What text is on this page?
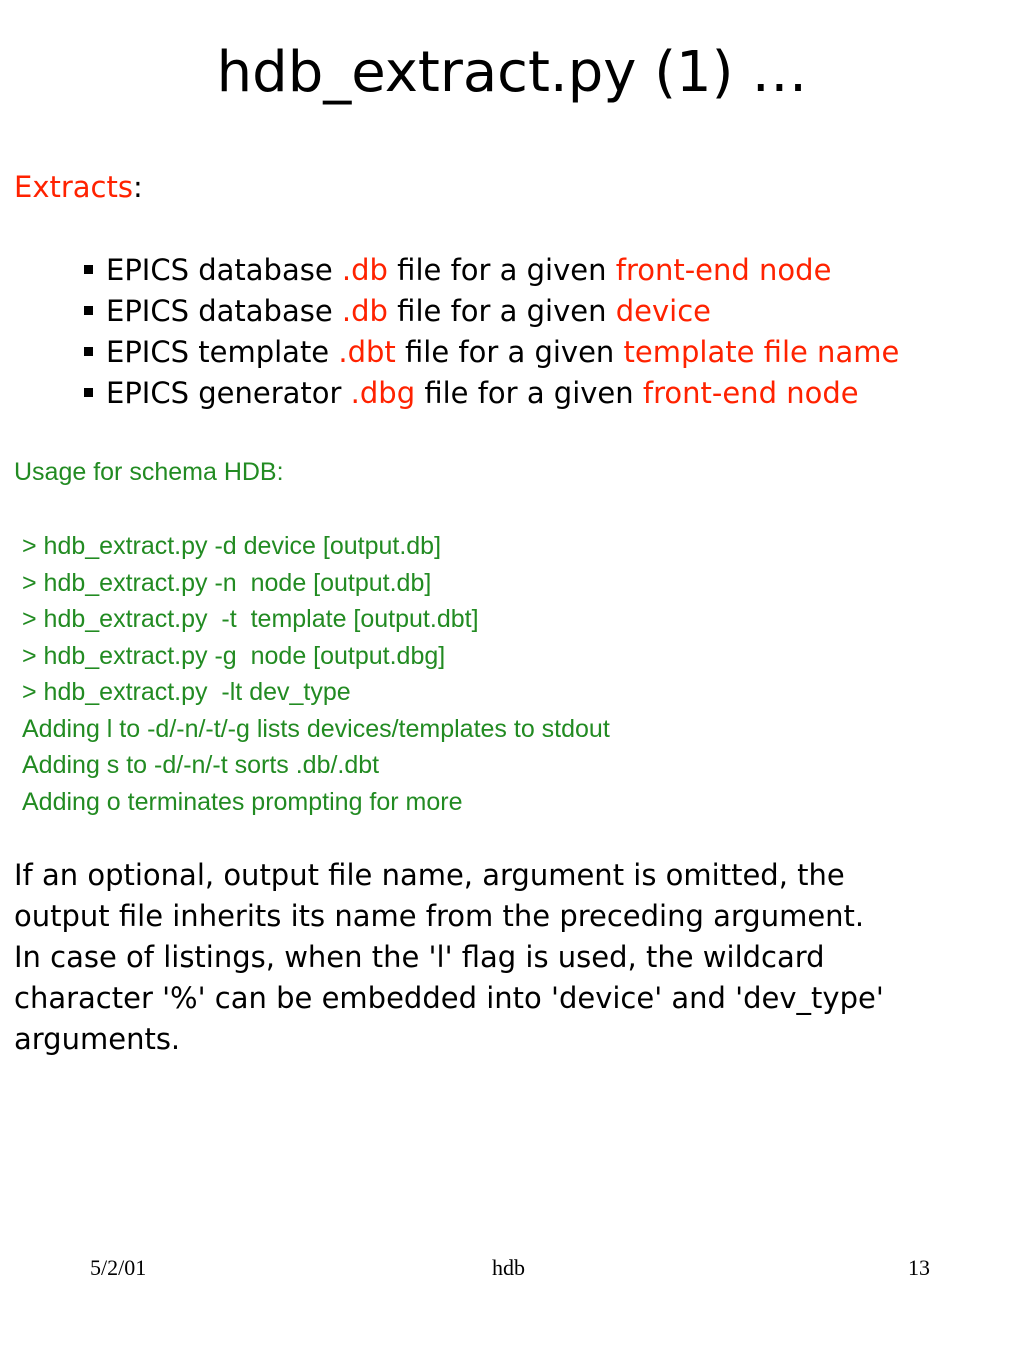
hdb_extract.py (1) …
Extracts:
EPICS database .db file for a given front-end node
EPICS database .db file for a given device
EPICS template .dbt file for a given template file name
EPICS generator .dbg file for a given front-end node
Usage for schema HDB:
> hdb_extract.py -d device [output.db]
> hdb_extract.py -n  node [output.db]
> hdb_extract.py  -t  template [output.dbt]
> hdb_extract.py -g  node [output.dbg]
> hdb_extract.py  -lt dev_type
Adding l to -d/-n/-t/-g lists devices/templates to stdout
Adding s to -d/-n/-t sorts .db/.dbt
Adding o terminates prompting for more
If an optional, output file name, argument is omitted, the
output file inherits its name from the preceding argument.
In case of listings, when the 'l' flag is used, the wildcard
character '%' can be embedded into 'device' and 'dev_type'
arguments.
5/2/01	hdb	13
